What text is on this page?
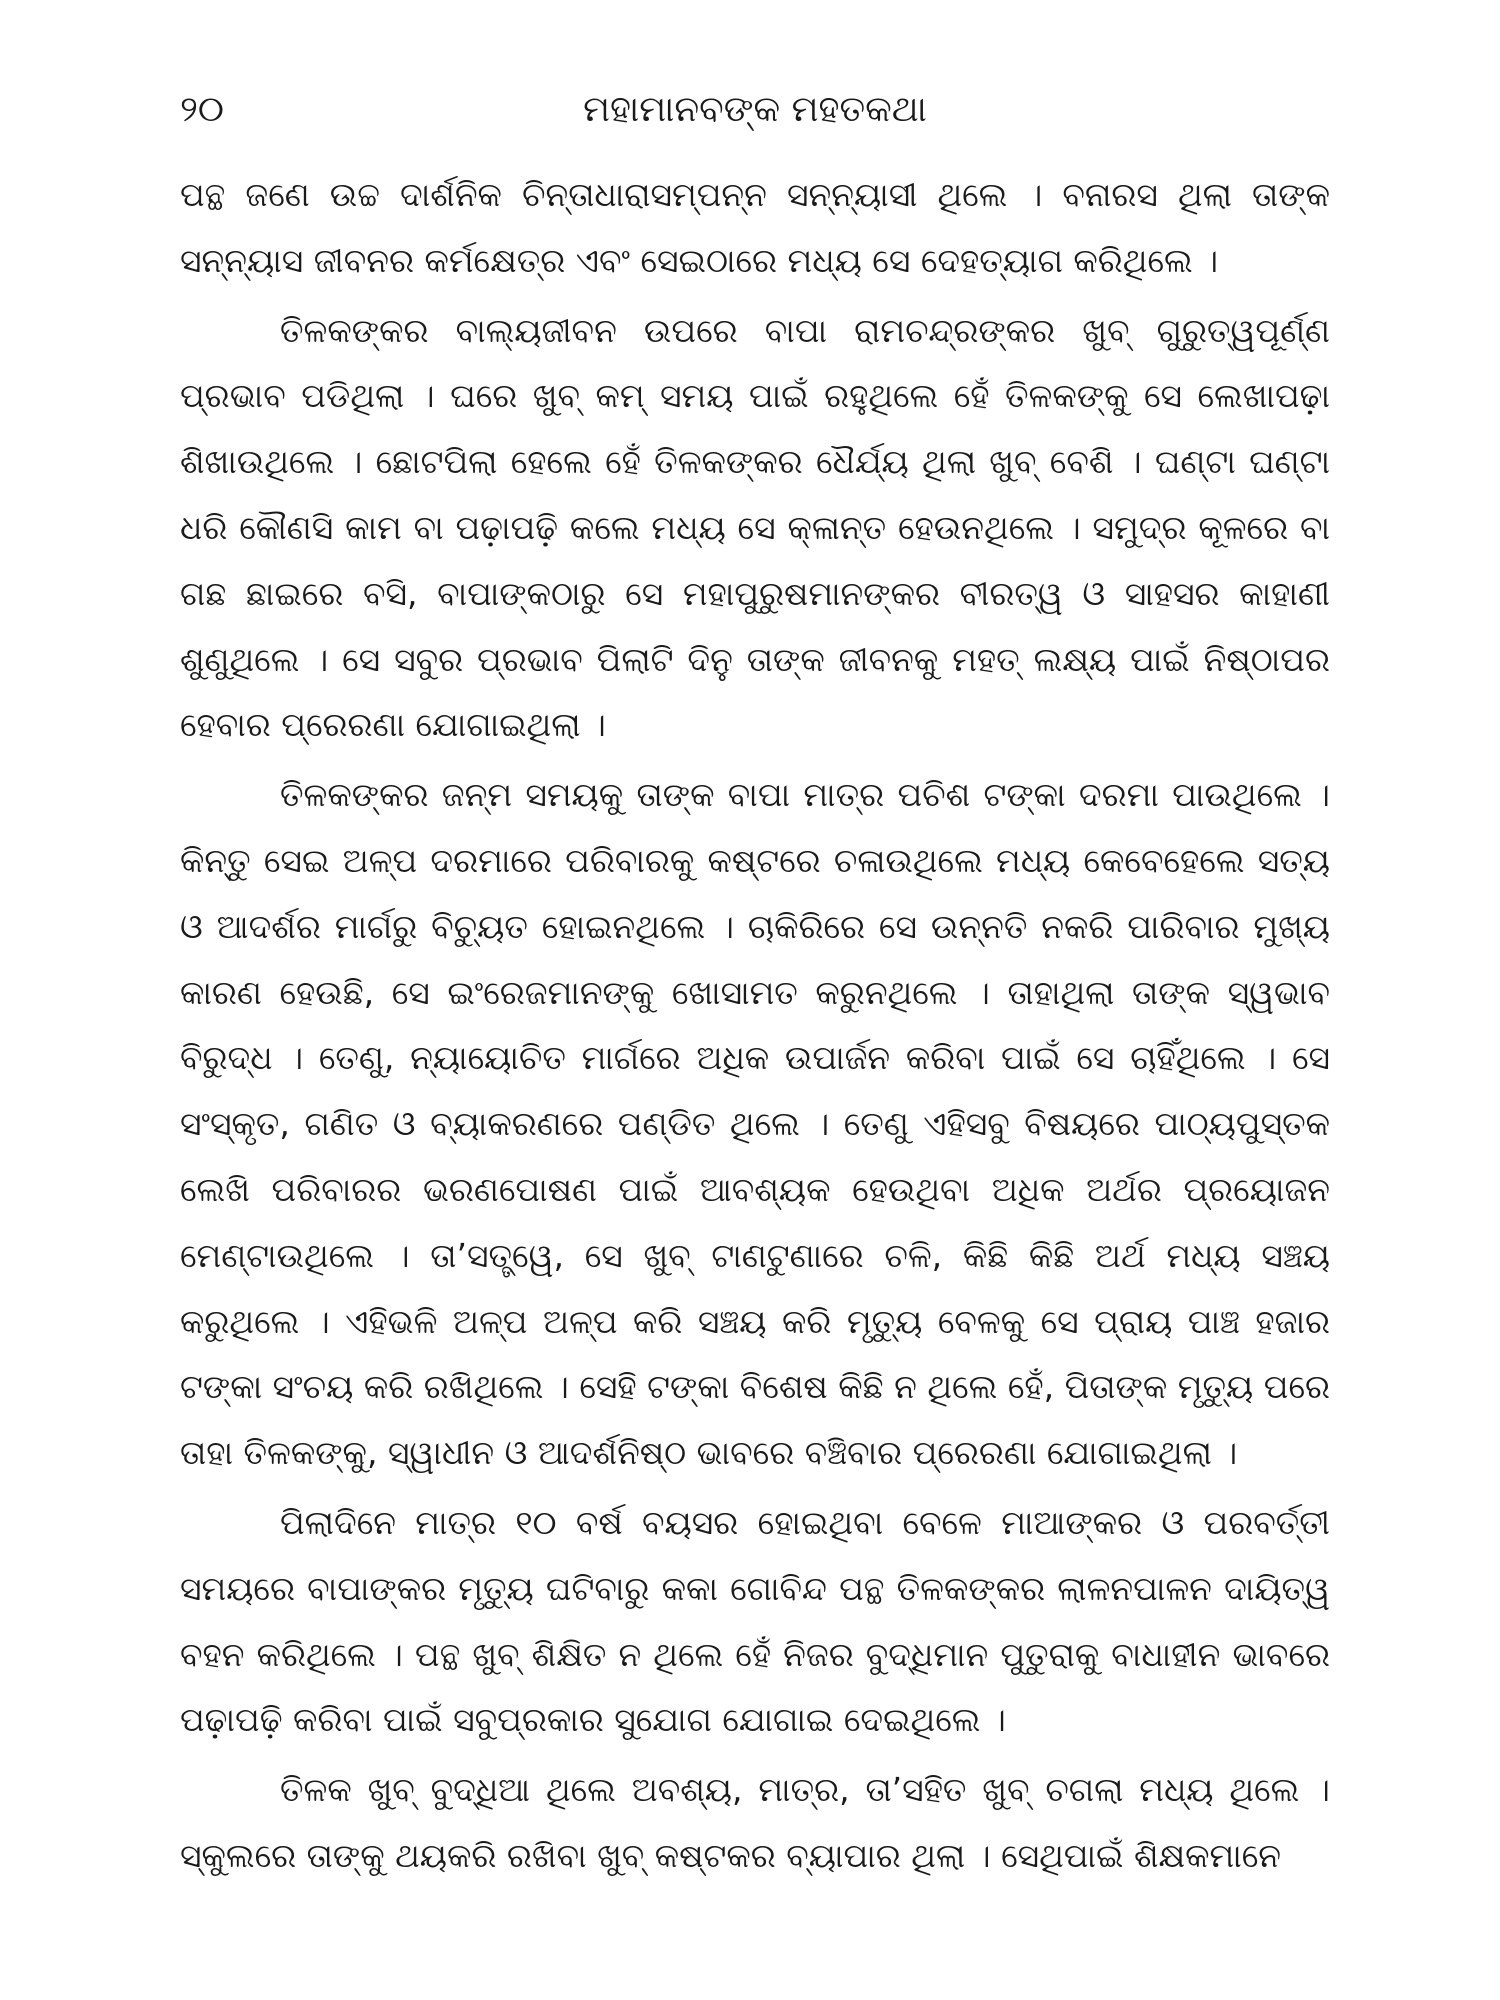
୨୦	ମହାମାନବଙ୍କ ମହତକଥା

ପନ୍ଥ ଜଣେ ଉଚ୍ଚ ଦାର୍ଶନିକ ଚିନ୍ତାଧାରାସମ୍ପନ୍ନ ସନ୍ନ୍ୟାସୀ ଥିଲେ । ବନାରସ ଥିଲା ତାଙ୍କ ସନ୍ନ୍ୟାସ ଜୀବନର କର୍ମକ୍ଷେତ୍ର ଏବଂ ସେଇଠାରେ ମଧ୍ୟ ସେ ଦେହତ୍ୟାଗ କରିଥିଲେ ।

ତିଳକଙ୍କର ବାଲ୍ୟଜୀବନ ଉପରେ ବାପା ରାମଚନ୍ଦ୍ରଙ୍କର ଖୁବ୍ ଗୁରୁତ୍ୱପୂର୍ଣ୍ଣ ପ୍ରଭାବ ପଡିଥିଲା । ଘରେ ଖୁବ୍ କମ୍ ସମୟ ପାଇଁ ରହୁଥିଲେ ହେଁ ତିଳକଙ୍କୁ ସେ ଲେଖାପଢ଼ା ଶିଖାଉଥିଲେ । ଛୋଟପିଲା ହେଲେ ହେଁ ତିଳକଙ୍କର ଧୈର୍ଯ୍ୟ ଥିଲା ଖୁବ୍ ବେଶି । ଘଣ୍ଟା ଘଣ୍ଟା ଧରି କୌଣସି କାମ ବା ପଢ଼ାପଢ଼ି କଲେ ମଧ୍ୟ ସେ କ୍ଳାନ୍ତ ହେଉନଥିଲେ । ସମୁଦ୍ର କୂଳରେ ବା ଗଛ ଛାଇରେ ବସି, ବାପାଙ୍କଠାରୁ ସେ ମହାପୁରୁଷମାନଙ୍କର ବୀରତ୍ୱ ଓ ସାହସର କାହାଣୀ ଶୁଣୁଥିଲେ । ସେ ସବୁର ପ୍ରଭାବ ପିଲାଟି ଦିନୁ ତାଙ୍କ ଜୀବନକୁ ମହତ୍ ଲକ୍ଷ୍ୟ ପାଇଁ ନିଷ୍ଠାପର ହେବାର ପ୍ରେରଣା ଯୋଗାଇଥିଲା ।

ତିଳକଙ୍କର ଜନ୍ମ ସମୟକୁ ତାଙ୍କ ବାପା ମାତ୍ର ପଚିଶ ଟଙ୍କା ଦରମା ପାଉଥିଲେ । କିନ୍ତୁ ସେଇ ଅଳ୍ପ ଦରମାରେ ପରିବାରକୁ କଷ୍ଟରେ ଚଳାଉଥିଲେ ମଧ୍ୟ କେବେହେଲେ ସତ୍ୟ ଓ ଆଦର୍ଶର ମାର୍ଗରୁ ବିଚ୍ୟୁତ ହୋଇନଥିଲେ । ଚାକିରିରେ ସେ ଉନ୍ନତି ନକରି ପାରିବାର ମୁଖ୍ୟ କାରଣ ହେଉଛି, ସେ ଇଂରେଜମାନଙ୍କୁ ଖୋସାମତ କରୁନଥିଲେ । ତାହାଥିଲା ତାଙ୍କ ସ୍ୱଭାବ ବିରୁଦ୍ଧ । ତେଣୁ, ନ୍ୟାୟୋଚିତ ମାର୍ଗରେ ଅଧିକ ଉପାର୍ଜନ କରିବା ପାଇଁ ସେ ଚାହିଁଥିଲେ । ସେ ସଂସ୍କୃତ, ଗଣିତ ଓ ବ୍ୟାକରଣରେ ପଣ୍ଡିତ ଥିଲେ । ତେଣୁ ଏହିସବୁ ବିଷୟରେ ପାଠ୍ୟପୁସ୍ତକ ଲେଖି ପରିବାରର ଭରଣପୋଷଣ ପାଇଁ ଆବଶ୍ୟକ ହେଉଥିବା ଅଧିକ ଅର୍ଥର ପ୍ରୟୋଜନ ମେଣ୍ଟାଉଥିଲେ । ତା’ସତ୍ତ୍ୱେ, ସେ ଖୁବ୍ ଟାଣଟୁଣାରେ ଚଳି, କିଛି କିଛି ଅର୍ଥ ମଧ୍ୟ ସଞ୍ଚୟ କରୁଥିଲେ । ଏହିଭଳି ଅଳ୍ପ ଅଳ୍ପ କରି ସଞ୍ଚୟ କରି ମୃତ୍ୟୁ ବେଳକୁ ସେ ପ୍ରାୟ ପାଞ୍ଚ ହଜାର ଟଙ୍କା ସଂଚୟ କରି ରଖିଥିଲେ । ସେହି ଟଙ୍କା ବିଶେଷ କିଛି ନ ଥିଲେ ହେଁ, ପିତାଙ୍କ ମୃତ୍ୟୁ ପରେ ତାହା ତିଳକଙ୍କୁ, ସ୍ୱାଧୀନ ଓ ଆଦର୍ଶନିଷ୍ଠ ଭାବରେ ବଞ୍ଚିବାର ପ୍ରେରଣା ଯୋଗାଇଥିଲା ।

ପିଲାଦିନେ ମାତ୍ର ୧୦ ବର୍ଷ ବୟସର ହୋଇଥିବା ବେଳେ ମାଆଙ୍କର ଓ ପରବର୍ତ୍ତୀ ସମୟରେ ବାପାଙ୍କର ମୃତ୍ୟୁ ଘଟିବାରୁ କକା ଗୋବିନ୍ଦ ପନ୍ଥ ତିଳକଙ୍କର ଲାଳନପାଳନ ଦାୟିତ୍ୱ ବହନ କରିଥିଲେ । ପନ୍ଥ ଖୁବ୍ ଶିକ୍ଷିତ ନ ଥିଲେ ହେଁ ନିଜର ବୁଦ୍ଧିମାନ ପୁତୁରାକୁ ବାଧାହୀନ ଭାବରେ ପଢ଼ାପଢ଼ି କରିବା ପାଇଁ ସବୁପ୍ରକାର ସୁଯୋଗ ଯୋଗାଇ ଦେଇଥିଲେ ।

ତିଳକ ଖୁବ୍ ବୁଦ୍ଧିଆ ଥିଲେ ଅବଶ୍ୟ, ମାତ୍ର, ତା’ସହିତ ଖୁବ୍ ଚଗଲା ମଧ୍ୟ ଥିଲେ । ସ୍କୁଲରେ ତାଙ୍କୁ ଥୟକରି ରଖିବା ଖୁବ୍ କଷ୍ଟକର ବ୍ୟାପାର ଥିଲା । ସେଥିପାଇଁ ଶିକ୍ଷକମାନେ
